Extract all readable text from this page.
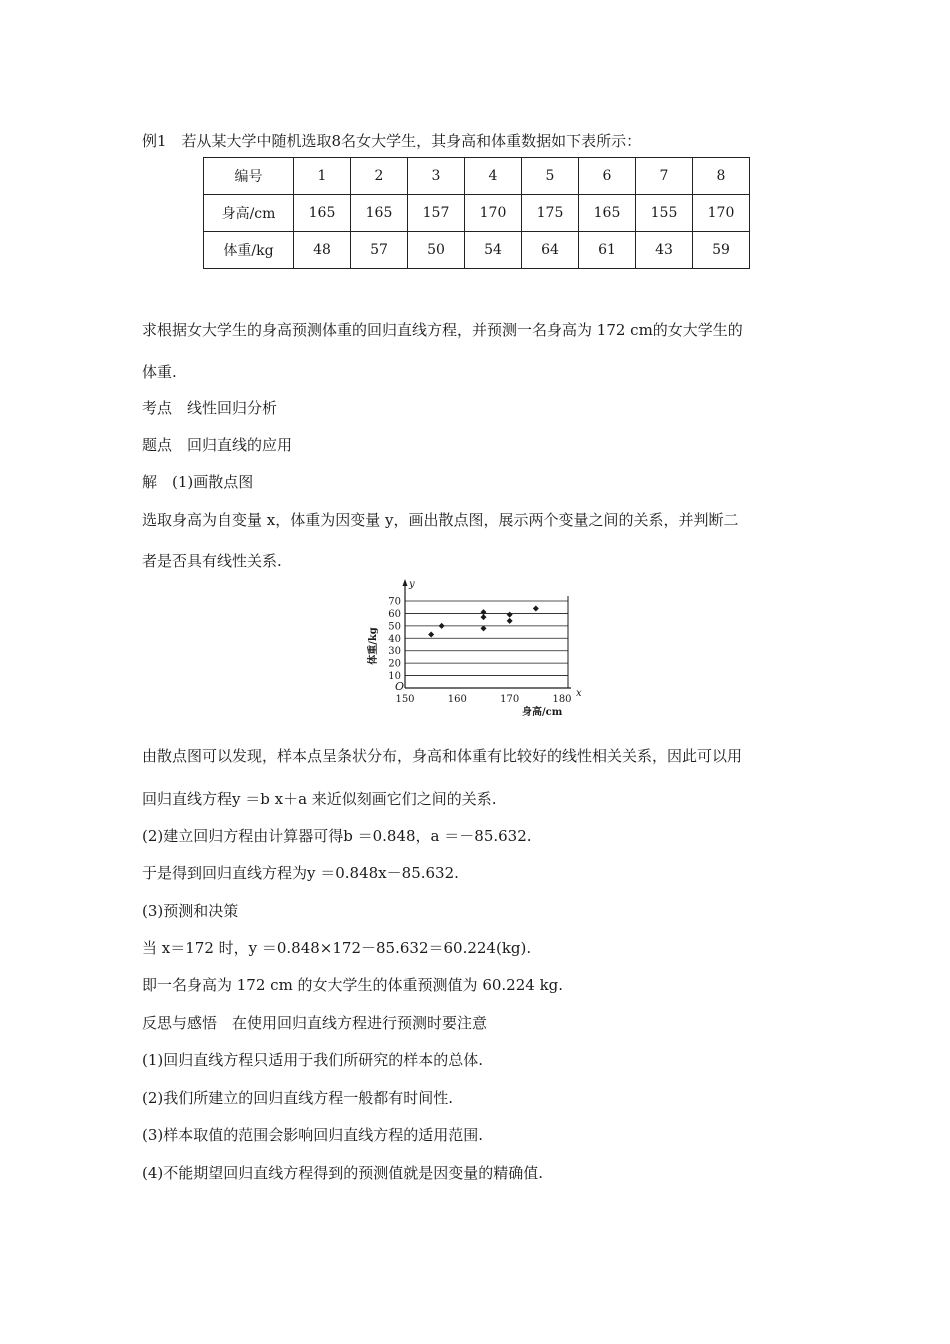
例1　若从某大学中随机选取8名女大学生，其身高和体重数据如下表所示：
编号	1	2	3	4	5	6	7	8
身高/cm	165	165	157	170	175	165	155	170
体重/kg	48	57	50	54	64	61	43	59
求根据女大学生的身高预测体重的回归直线方程，并预测一名身高为 172 cm的女大学生的
体重.
考点　线性回归分析
题点　回归直线的应用
解　(1)画散点图
选取身高为自变量 x，体重为因变量 y，画出散点图，展示两个变量之间的关系，并判断二
者是否具有线性关系.
150	160	170	180
10
20
30
40
50
60
70
O
y
x
身高/cm
体重/kg
由散点图可以发现，样本点呈条状分布，身高和体重有比较好的线性相关关系，因此可以用
回归直线方程y ＝b x＋a 来近似刻画它们之间的关系.
(2)建立回归方程由计算器可得b ＝0.848，a ＝－85.632.
于是得到回归直线方程为y ＝0.848x－85.632.
(3)预测和决策
当 x＝172 时，y ＝0.848×172－85.632＝60.224(kg).
即一名身高为 172 cm 的女大学生的体重预测值为 60.224 kg.
反思与感悟　在使用回归直线方程进行预测时要注意
(1)回归直线方程只适用于我们所研究的样本的总体.
(2)我们所建立的回归直线方程一般都有时间性.
(3)样本取值的范围会影响回归直线方程的适用范围.
(4)不能期望回归直线方程得到的预测值就是因变量的精确值.
